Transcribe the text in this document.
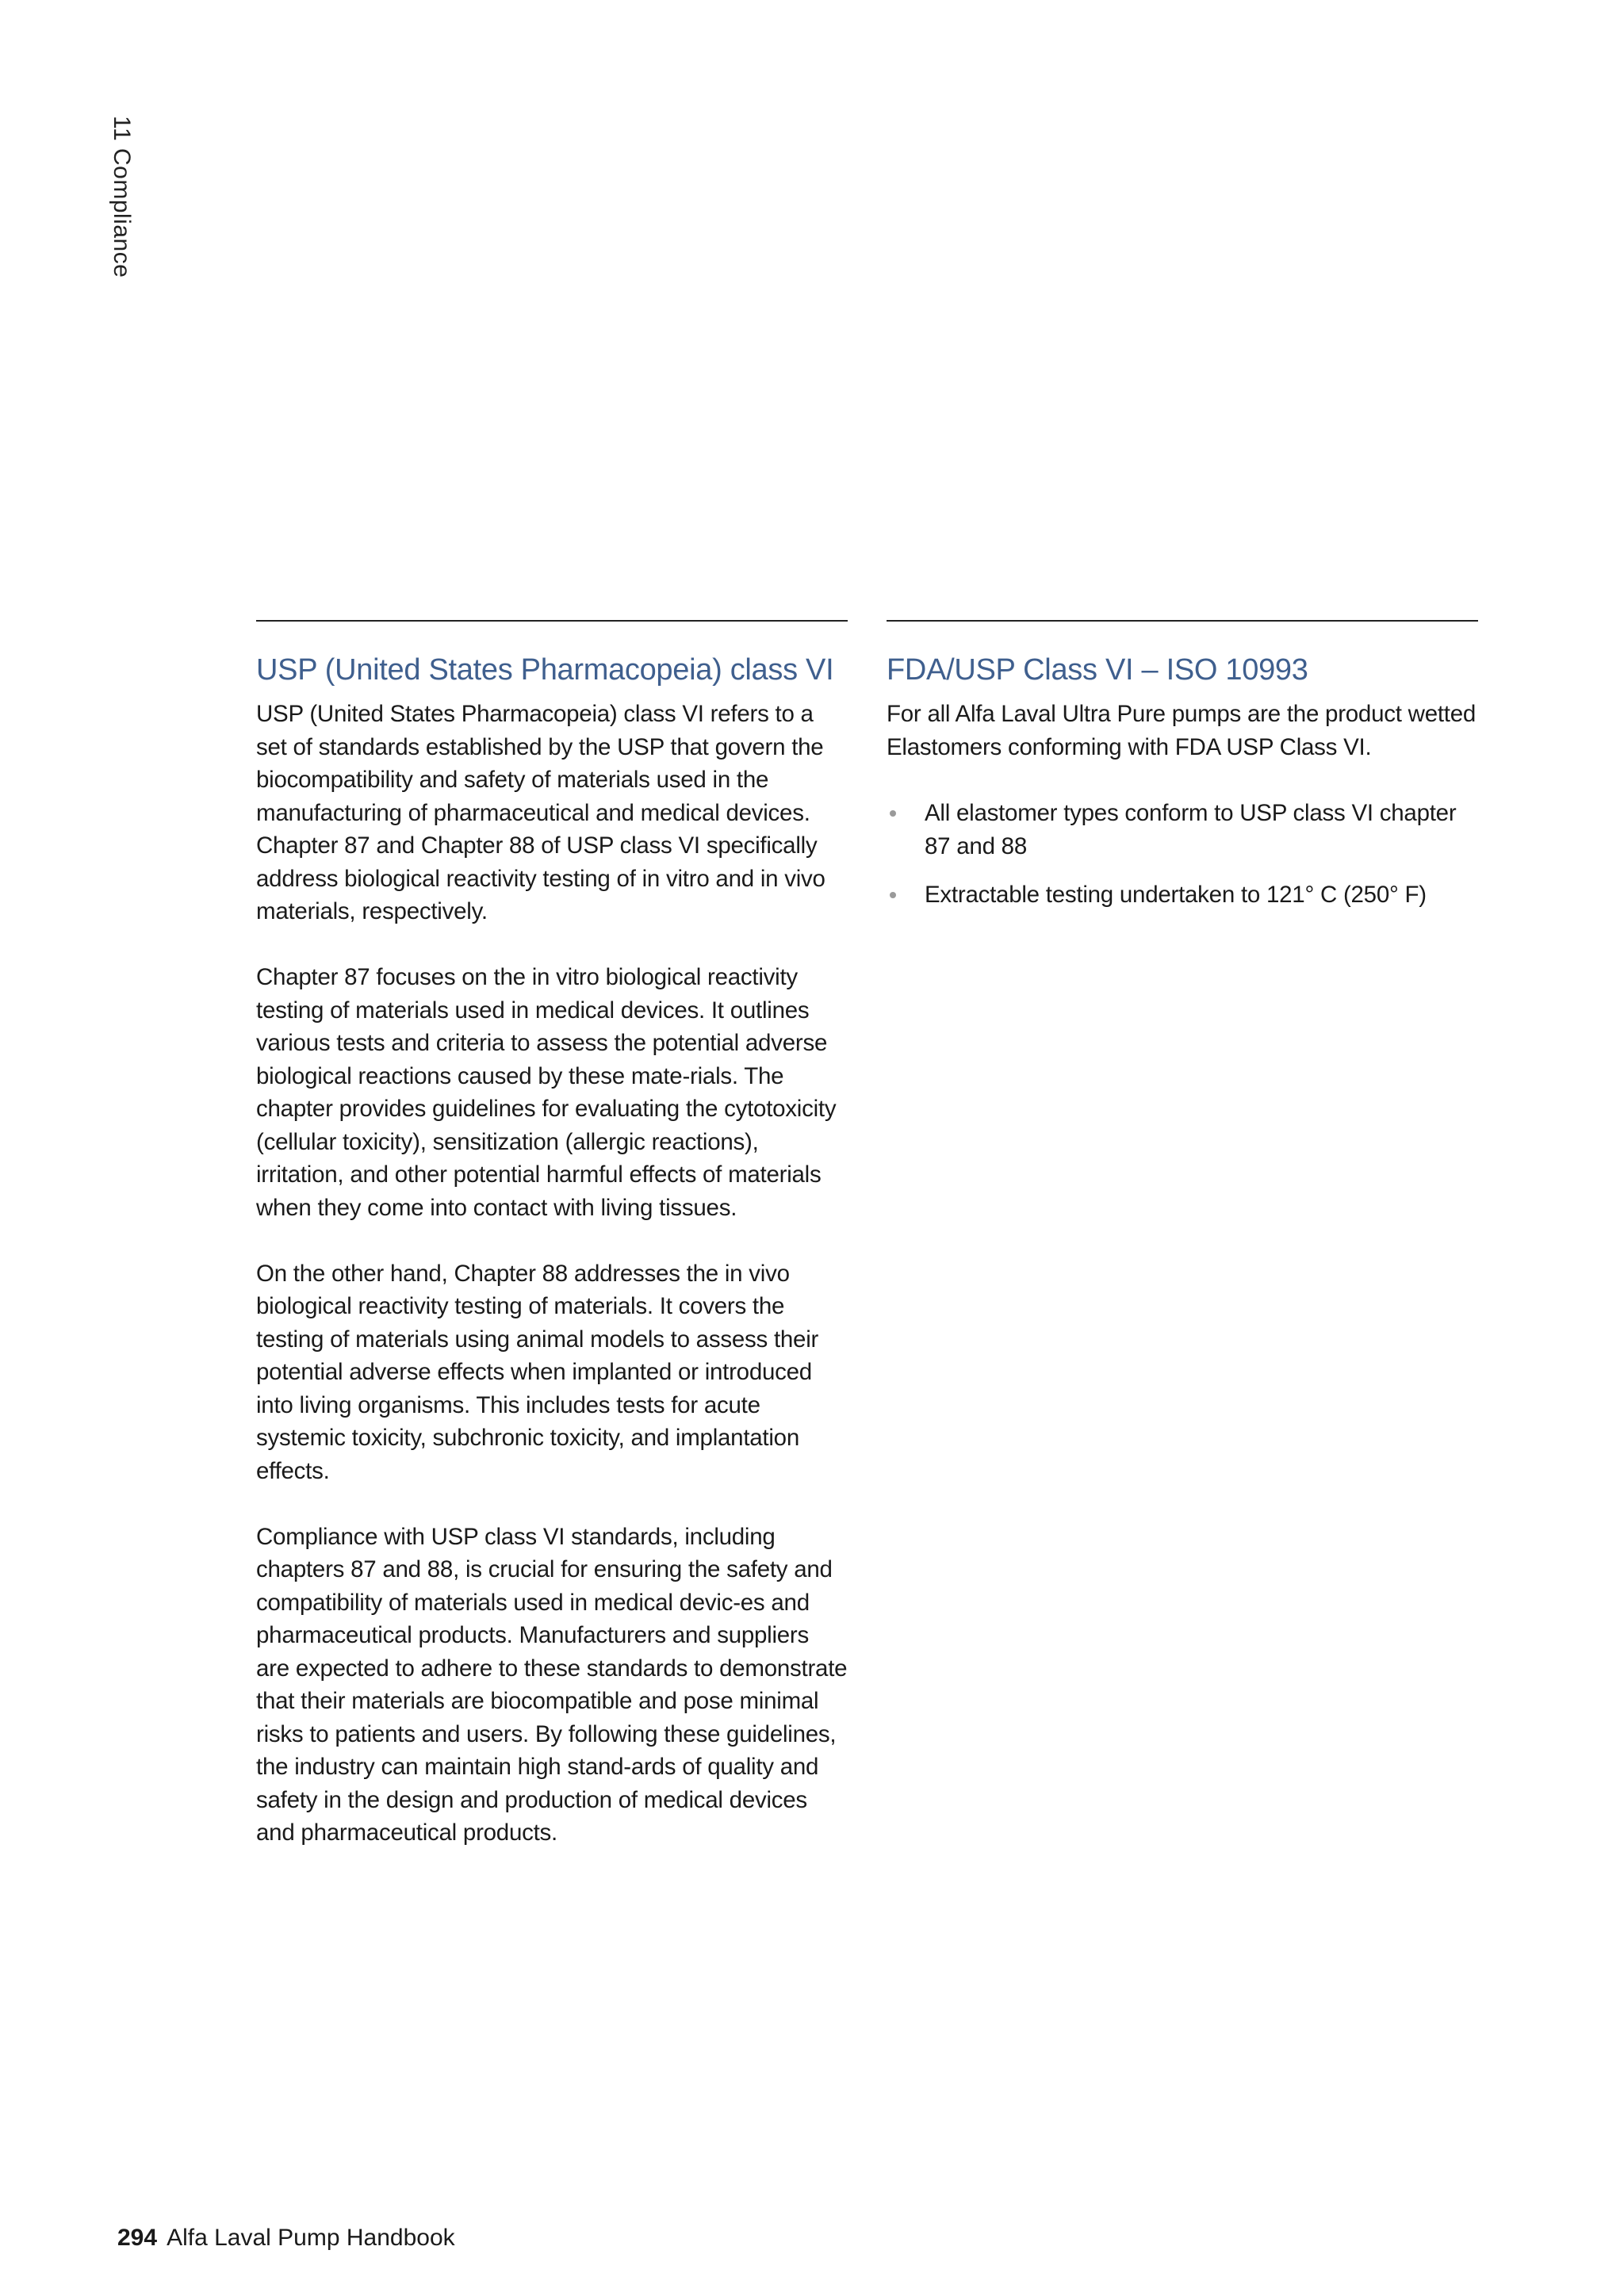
11 Compliance
USP (United States Pharmacopeia) class VI

USP (United States Pharmacopeia) class VI refers to a set of standards established by the USP that govern the biocompatibility and safety of materials used in the manufacturing of pharmaceutical and medical devices. Chapter 87 and Chapter 88 of USP class VI specifically address biological reactivity testing of in vitro and in vivo materials, respectively.

Chapter 87 focuses on the in vitro biological reactivity testing of materials used in medical devices. It outlines various tests and criteria to assess the potential adverse biological reactions caused by these mate-rials. The chapter provides guidelines for evaluating the cytotoxicity (cellular toxicity), sensitization (allergic reactions), irritation, and other potential harmful effects of materials when they come into contact with living tissues.

On the other hand, Chapter 88 addresses the in vivo biological reactivity testing of materials. It covers the testing of materials using animal models to assess their potential adverse effects when implanted or introduced into living organisms. This includes tests for acute systemic toxicity, subchronic toxicity, and implantation effects.

Compliance with USP class VI standards, including chapters 87 and 88, is crucial for ensuring the safety and compatibility of materials used in medical devic-es and pharmaceutical products. Manufacturers and suppliers are expected to adhere to these standards to demonstrate that their materials are biocompatible and pose minimal risks to patients and users. By following these guidelines, the industry can maintain high stand-ards of quality and safety in the design and production of medical devices and pharmaceutical products.

FDA/USP Class VI – ISO 10993

For all Alfa Laval Ultra Pure pumps are the product wetted Elastomers conforming with FDA USP Class VI.

All elastomer types conform to USP class VI chapter 87 and 88
Extractable testing undertaken to 121° C (250° F)
294 Alfa Laval Pump Handbook
